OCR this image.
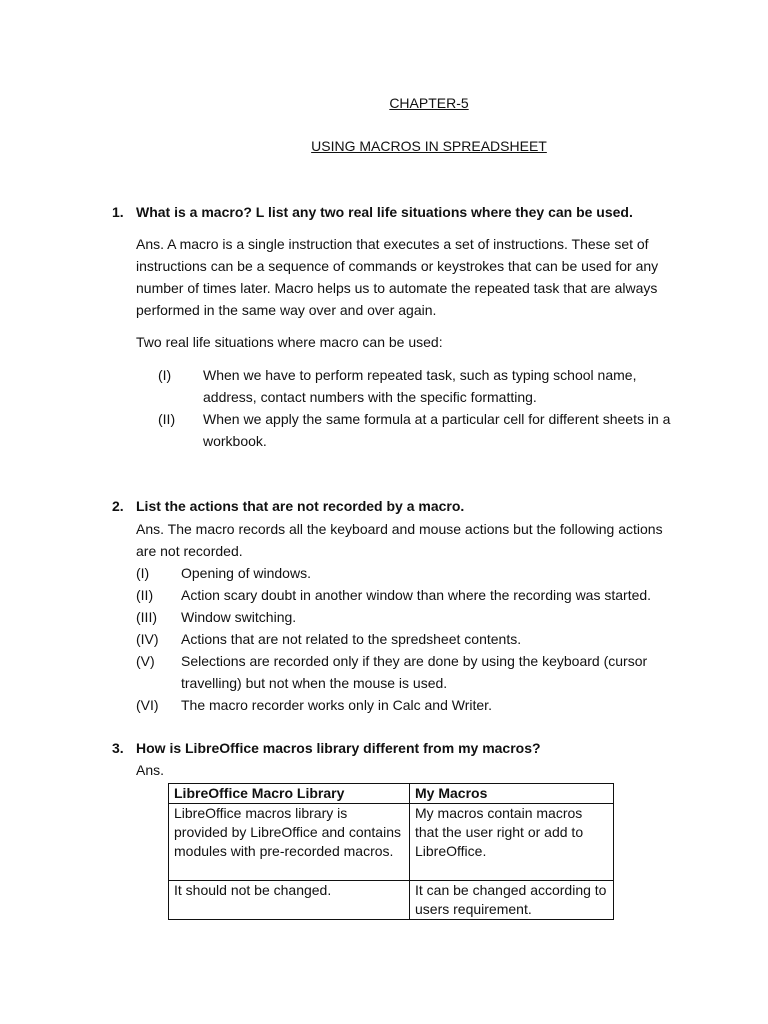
CHAPTER-5
USING MACROS IN SPREADSHEET
1. What is a macro? L list any two real life situations where they can be used.

Ans. A macro is a single instruction that executes a set of instructions. These set of instructions can be a sequence of commands or keystrokes that can be used for any number of times later. Macro helps us to automate the repeated task that are always performed in the same way over and over again.

Two real life situations where macro can be used:

(I)	When we have to perform repeated task, such as typing school name, address, contact numbers with the specific formatting.
(II)	When we apply the same formula at a particular cell for different sheets in a workbook.
2. List the actions that are not recorded by a macro.

Ans. The macro records all the keyboard and mouse actions but the following actions are not recorded.

(I)	Opening of windows.
(II)	Action scary doubt in another window than where the recording was started.
(III)	Window switching.
(IV)	Actions that are not related to the spredsheet contents.
(V)	Selections are recorded only if they are done by using the keyboard (cursor travelling) but not when the mouse is used.
(VI)	The macro recorder works only in Calc and Writer.
3. How is LibreOffice macros library different from my macros?

Ans.

LibreOffice Macro Library	My Macros
LibreOffice macros library is provided by LibreOffice and contains modules with pre-recorded macros.	My macros contain macros that the user right or add to LibreOffice.
It should not be changed.	It can be changed according to users requirement.
